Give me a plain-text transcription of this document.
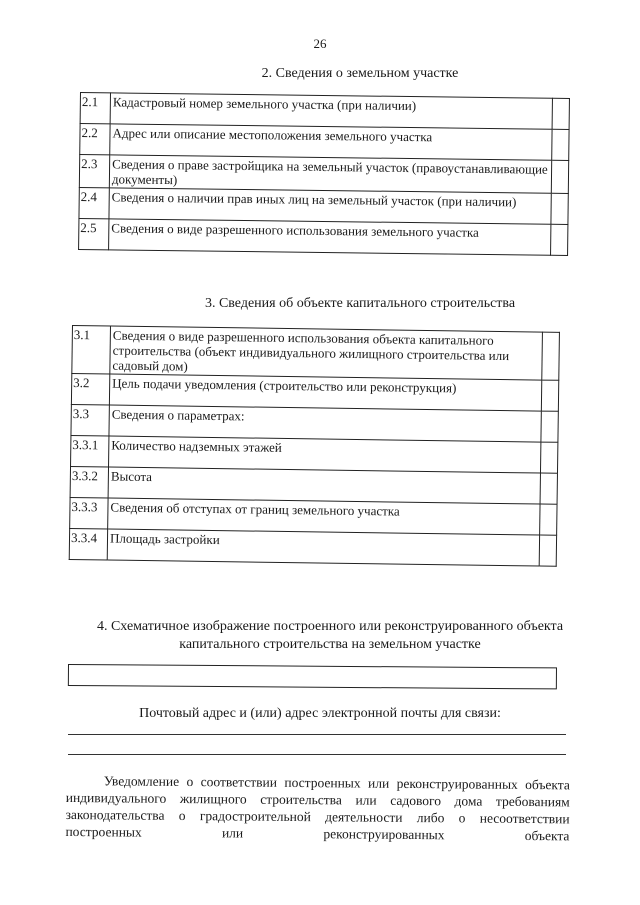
26
2. Сведения о земельном участке
2.1	Кадастровый номер земельного участка (при наличии)	
2.2	Адрес или описание местоположения земельного участка	
2.3	Сведения о праве застройщика на земельный участок (правоустанавливающие документы)	
2.4	Сведения о наличии прав иных лиц на земельный участок (при наличии)	
2.5	Сведения о виде разрешенного использования земельного участка	
3. Сведения об объекте капитального строительства
3.1	Сведения о виде разрешенного использования объекта капитального строительства (объект индивидуального жилищного строительства или садовый дом)	
3.2	Цель подачи уведомления (строительство или реконструкция)	
3.3	Сведения о параметрах:	
3.3.1	Количество надземных этажей	
3.3.2	Высота	
3.3.3	Сведения об отступах от границ земельного участка	
3.3.4	Площадь застройки	
4. Схематичное изображение построенного или реконструированного объекта капитального строительства на земельном участке
Почтовый адрес и (или) адрес электронной почты для связи:
Уведомление о соответствии построенных или реконструированных объекта индивидуального жилищного строительства или садового дома требованиям законодательства о градостроительной деятельности либо о несоответствии построенных или реконструированных объекта
